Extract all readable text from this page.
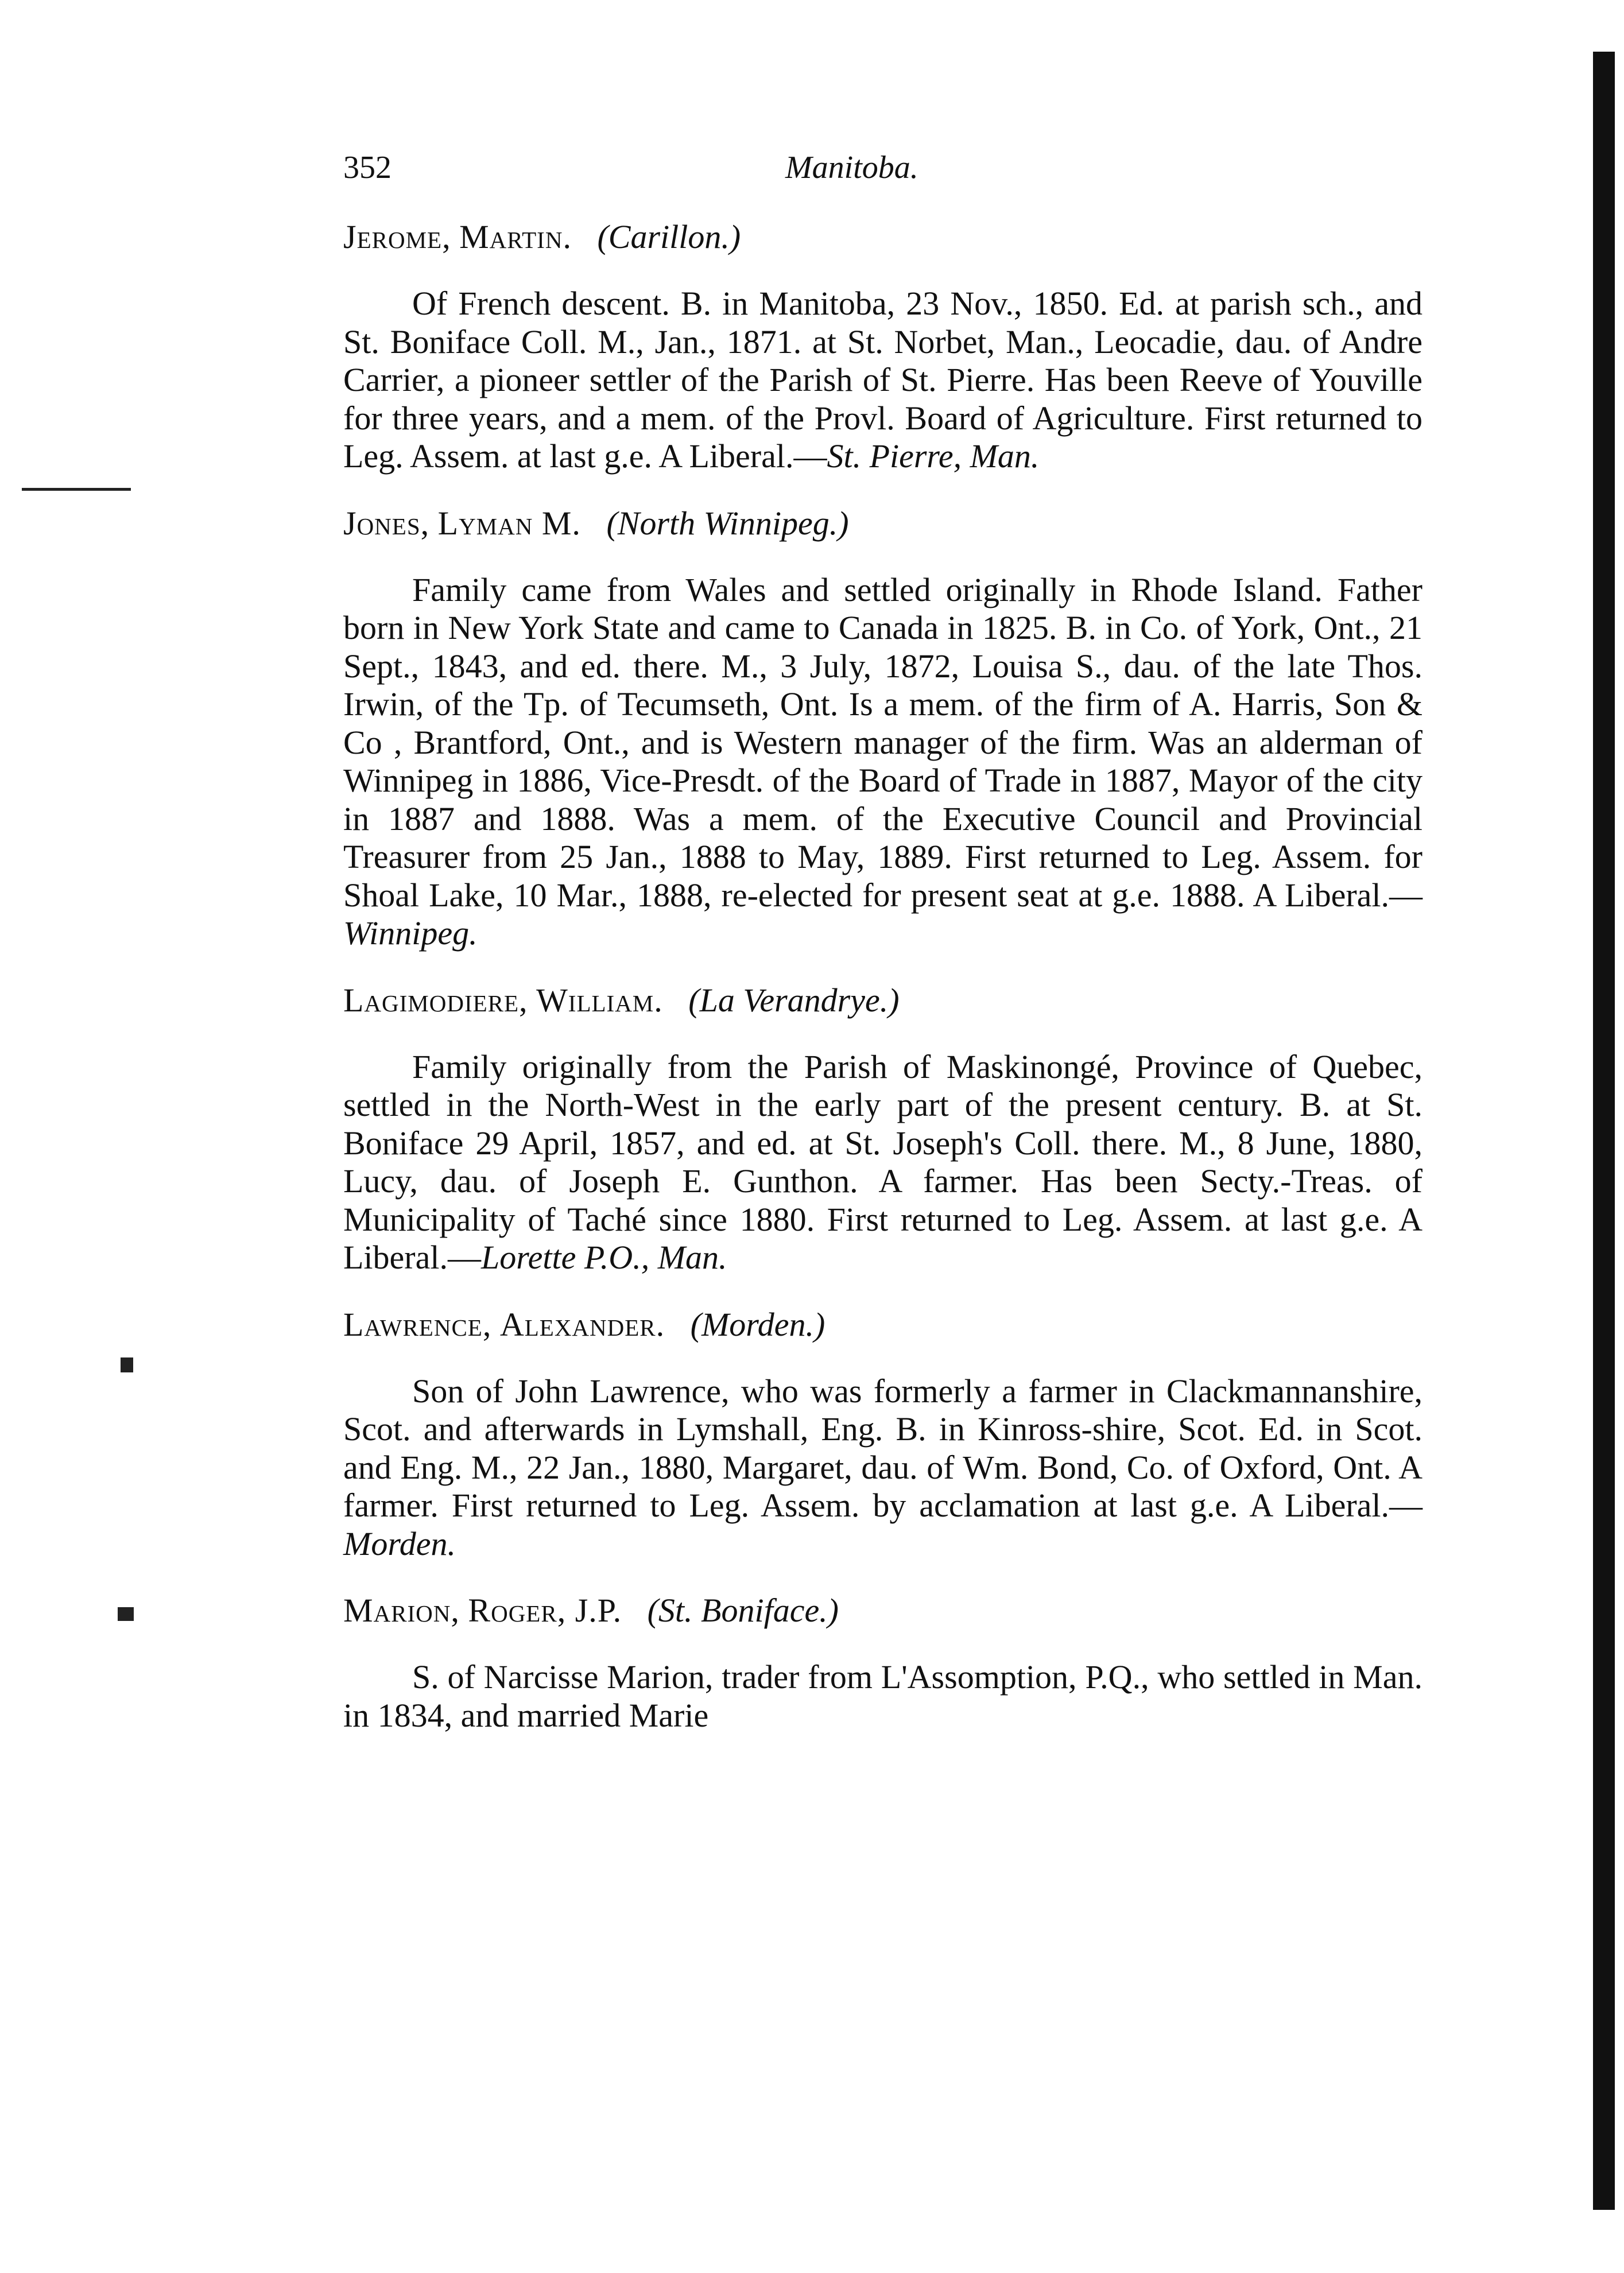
352	Manitoba.
Jerome, Martin. (Carillon.)

Of French descent. B. in Manitoba, 23 Nov., 1850. Ed. at parish sch., and St. Boniface Coll. M., Jan., 1871. at St. Norbet, Man., Leocadie, dau. of Andre Carrier, a pioneer settler of the Parish of St. Pierre. Has been Reeve of Youville for three years, and a mem. of the Provl. Board of Agriculture. First returned to Leg. Assem. at last g.e. A Liberal.—St. Pierre, Man.

Jones, Lyman M. (North Winnipeg.)

Family came from Wales and settled originally in Rhode Island. Father born in New York State and came to Canada in 1825. B. in Co. of York, Ont., 21 Sept., 1843, and ed. there. M., 3 July, 1872, Louisa S., dau. of the late Thos. Irwin, of the Tp. of Tecumseth, Ont. Is a mem. of the firm of A. Harris, Son & Co , Brantford, Ont., and is Western manager of the firm. Was an alderman of Winnipeg in 1886, Vice-Presdt. of the Board of Trade in 1887, Mayor of the city in 1887 and 1888. Was a mem. of the Executive Council and Provincial Treasurer from 25 Jan., 1888 to May, 1889. First returned to Leg. Assem. for Shoal Lake, 10 Mar., 1888, re-elected for present seat at g.e. 1888. A Liberal.—Winnipeg.

Lagimodiere, William. (La Verandrye.)

Family originally from the Parish of Maskinongé, Province of Quebec, settled in the North-West in the early part of the present century. B. at St. Boniface 29 April, 1857, and ed. at St. Joseph's Coll. there. M., 8 June, 1880, Lucy, dau. of Joseph E. Gunthon. A farmer. Has been Secty.-Treas. of Municipality of Taché since 1880. First returned to Leg. Assem. at last g.e. A Liberal.—Lorette P.O., Man.

Lawrence, Alexander. (Morden.)

Son of John Lawrence, who was formerly a farmer in Clackmannanshire, Scot. and afterwards in Lymshall, Eng. B. in Kinross-shire, Scot. Ed. in Scot. and Eng. M., 22 Jan., 1880, Margaret, dau. of Wm. Bond, Co. of Oxford, Ont. A farmer. First returned to Leg. Assem. by acclamation at last g.e. A Liberal.—Morden.

Marion, Roger, J.P. (St. Boniface.)

S. of Narcisse Marion, trader from L'Assomption, P.Q., who settled in Man. in 1834, and married Marie
